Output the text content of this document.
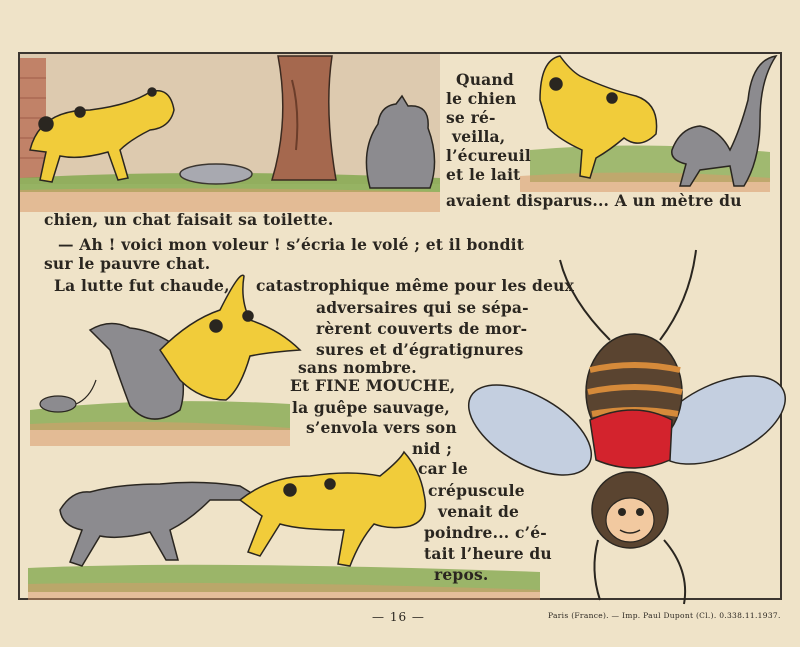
Quand
le chien
se ré-
veilla,
l’écureuil
et le lait
avaient disparus... A un mètre du
chien, un chat faisait sa toilette.
— Ah ! voici mon voleur ! s’écria le volé ; et il bondit
sur le pauvre chat.
La lutte fut chaude, catastrophique même pour les deux
adversaires qui se sépa-
rèrent couverts de mor-
sures et d’égratignures
sans nombre.
Et FINE MOUCHE,
la guêpe sauvage,
s’envola vers son
nid ;
car le
crépuscule
venait de
poindre... c’é-
tait l’heure du
repos.
— 16 —	Paris (France). — Imp. Paul Dupont (Cl.). 0.338.11.1937.
